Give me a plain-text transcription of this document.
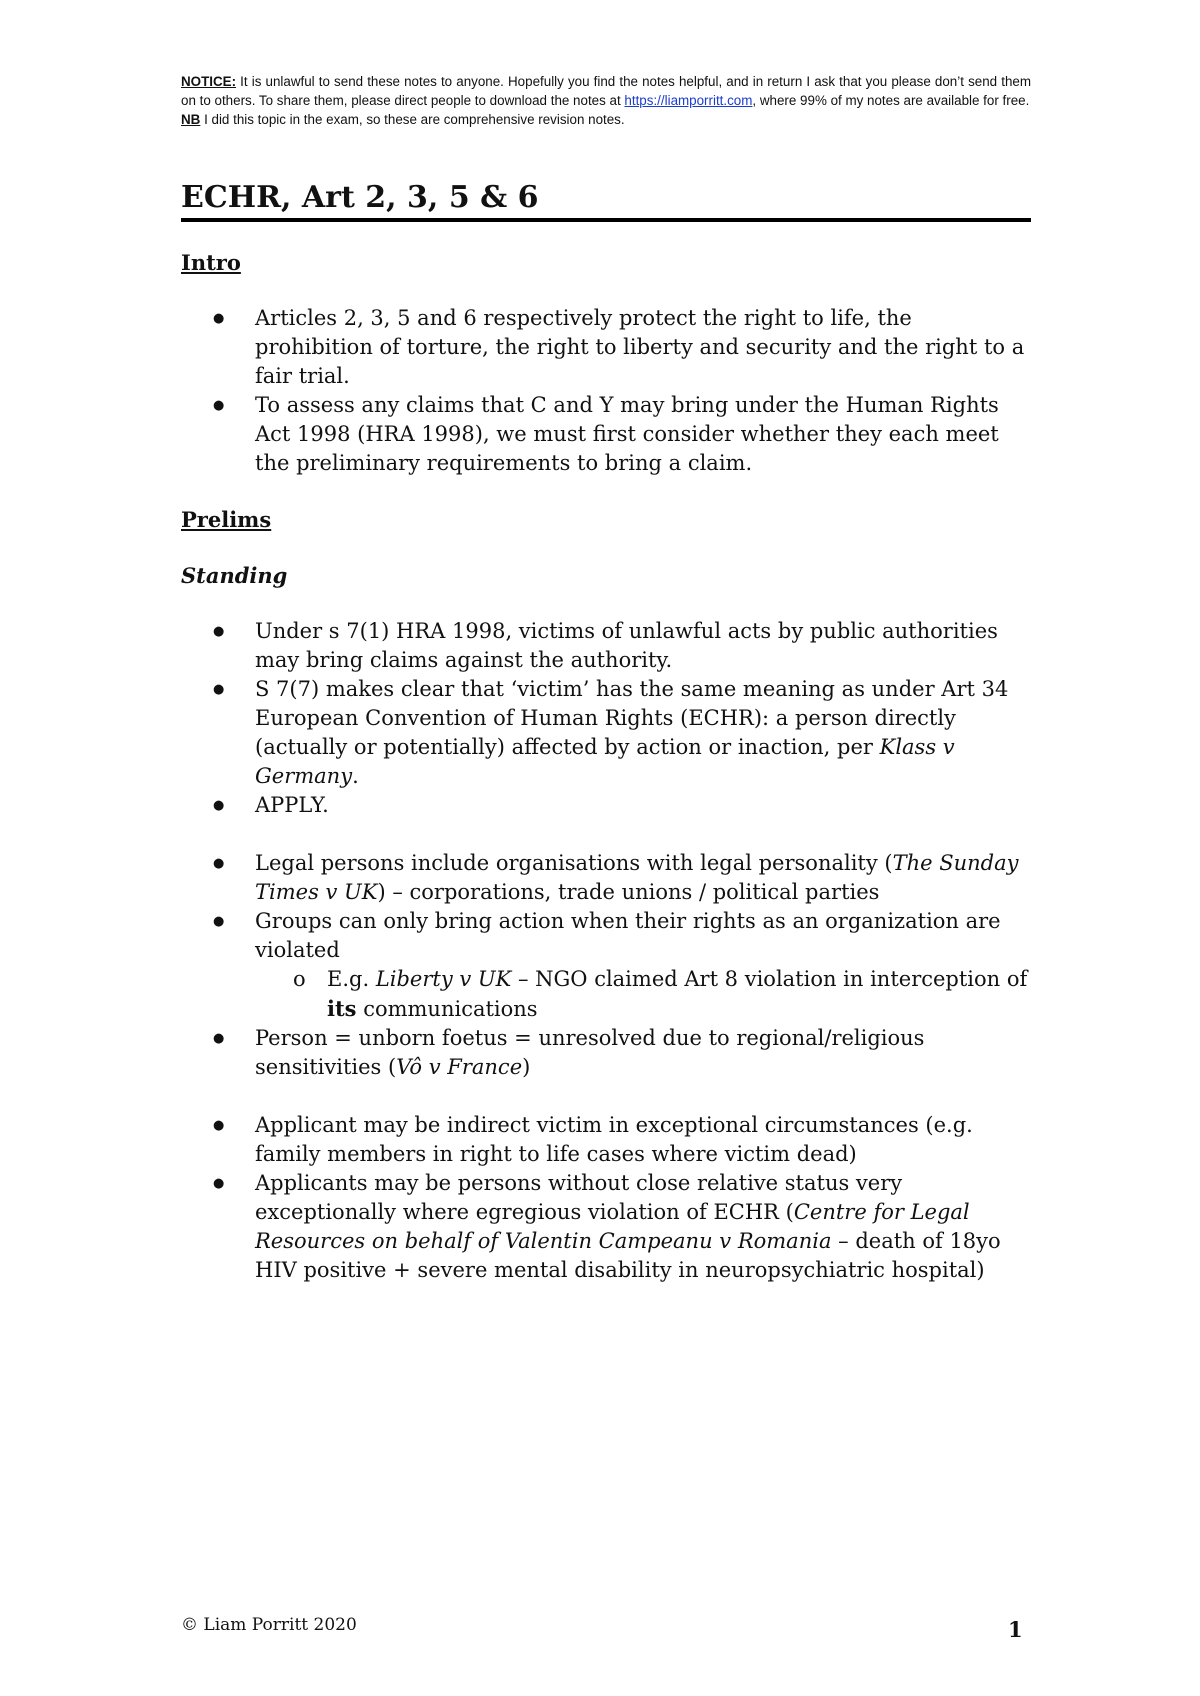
NOTICE: It is unlawful to send these notes to anyone. Hopefully you find the notes helpful, and in return I ask that you please don’t send them on to others. To share them, please direct people to download the notes at https://liamporritt.com, where 99% of my notes are available for free.

NB I did this topic in the exam, so these are comprehensive revision notes.

ECHR, Art 2, 3, 5 & 6

Intro

● Articles 2, 3, 5 and 6 respectively protect the right to life, the prohibition of torture, the right to liberty and security and the right to a fair trial.
● To assess any claims that C and Y may bring under the Human Rights Act 1998 (HRA 1998), we must first consider whether they each meet the preliminary requirements to bring a claim.

Prelims

Standing

● Under s 7(1) HRA 1998, victims of unlawful acts by public authorities may bring claims against the authority.
● S 7(7) makes clear that ‘victim’ has the same meaning as under Art 34 European Convention of Human Rights (ECHR): a person directly (actually or potentially) affected by action or inaction, per Klass v Germany.
● APPLY.
● Legal persons include organisations with legal personality (The Sunday Times v UK) – corporations, trade unions / political parties
● Groups can only bring action when their rights as an organization are violated
o E.g. Liberty v UK – NGO claimed Art 8 violation in interception of its communications
● Person = unborn foetus = unresolved due to regional/religious sensitivities (Vô v France)
● Applicant may be indirect victim in exceptional circumstances (e.g. family members in right to life cases where victim dead)
● Applicants may be persons without close relative status very exceptionally where egregious violation of ECHR (Centre for Legal Resources on behalf of Valentin Campeanu v Romania – death of 18yo HIV positive + severe mental disability in neuropsychiatric hospital)
© Liam Porritt 2020	1
